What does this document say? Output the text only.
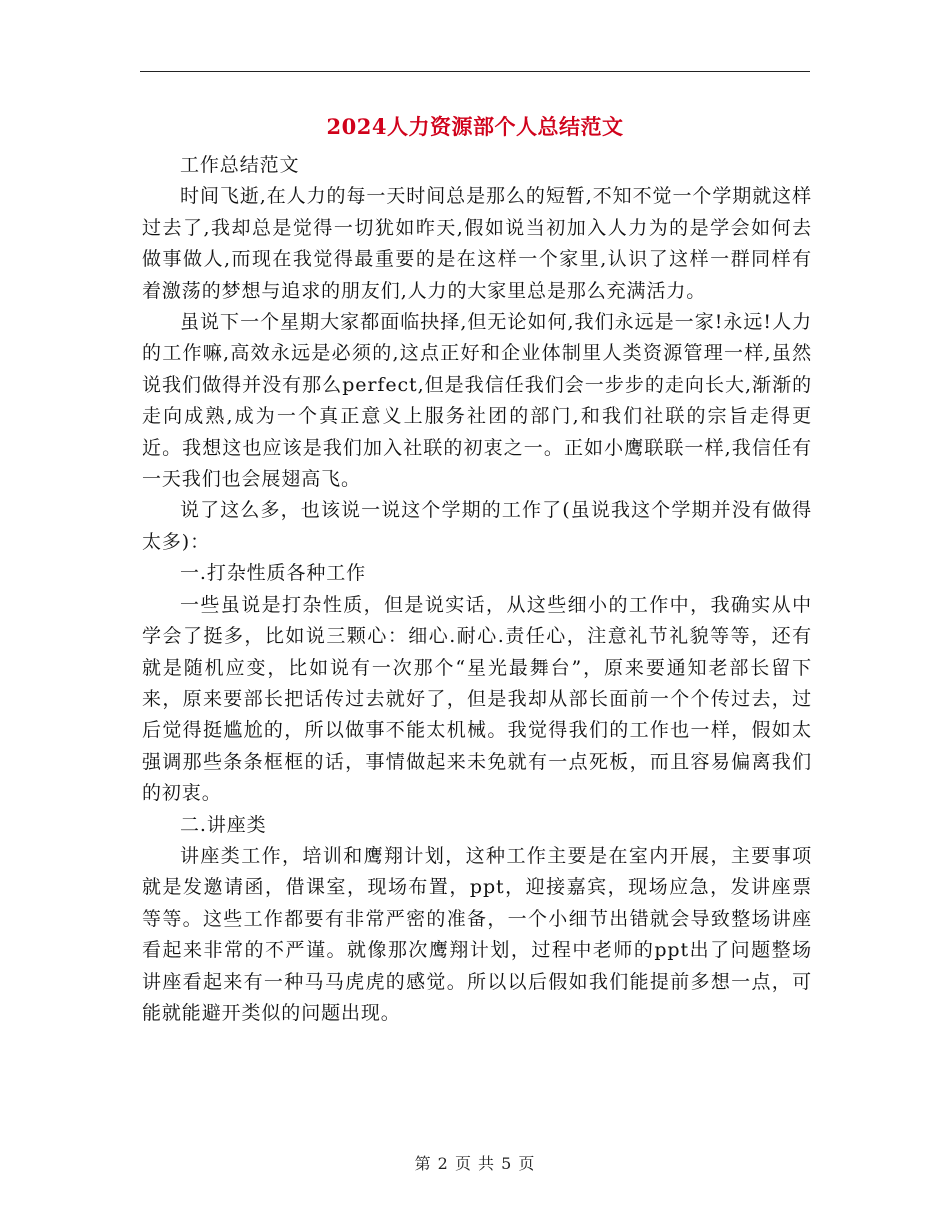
2024人力资源部个人总结范文

工作总结范文

时间飞逝,在人力的每一天时间总是那么的短暂,不知不觉一个学期就这样过去了,我却总是觉得一切犹如昨天,假如说当初加入人力为的是学会如何去做事做人,而现在我觉得最重要的是在这样一个家里,认识了这样一群同样有着激荡的梦想与追求的朋友们,人力的大家里总是那么充满活力。

虽说下一个星期大家都面临抉择,但无论如何,我们永远是一家!永远!人力的工作嘛,高效永远是必须的,这点正好和企业体制里人类资源管理一样,虽然说我们做得并没有那么perfect,但是我信任我们会一步步的走向长大,渐渐的走向成熟,成为一个真正意义上服务社团的部门,和我们社联的宗旨走得更近。我想这也应该是我们加入社联的初衷之一。正如小鹰联联一样,我信任有一天我们也会展翅高飞。

说了这么多，也该说一说这个学期的工作了(虽说我这个学期并没有做得太多)：

一.打杂性质各种工作

一些虽说是打杂性质，但是说实话，从这些细小的工作中，我确实从中学会了挺多，比如说三颗心：细心.耐心.责任心，注意礼节礼貌等等，还有就是随机应变，比如说有一次那个“星光最舞台”，原来要通知老部长留下来，原来要部长把话传过去就好了，但是我却从部长面前一个个传过去，过后觉得挺尴尬的，所以做事不能太机械。我觉得我们的工作也一样，假如太强调那些条条框框的话，事情做起来未免就有一点死板，而且容易偏离我们的初衷。

二.讲座类

讲座类工作，培训和鹰翔计划，这种工作主要是在室内开展，主要事项就是发邀请函，借课室，现场布置，ppt，迎接嘉宾，现场应急，发讲座票等等。这些工作都要有非常严密的准备，一个小细节出错就会导致整场讲座看起来非常的不严谨。就像那次鹰翔计划，过程中老师的ppt出了问题整场讲座看起来有一种马马虎虎的感觉。所以以后假如我们能提前多想一点，可能就能避开类似的问题出现。

第 2 页 共 5 页
